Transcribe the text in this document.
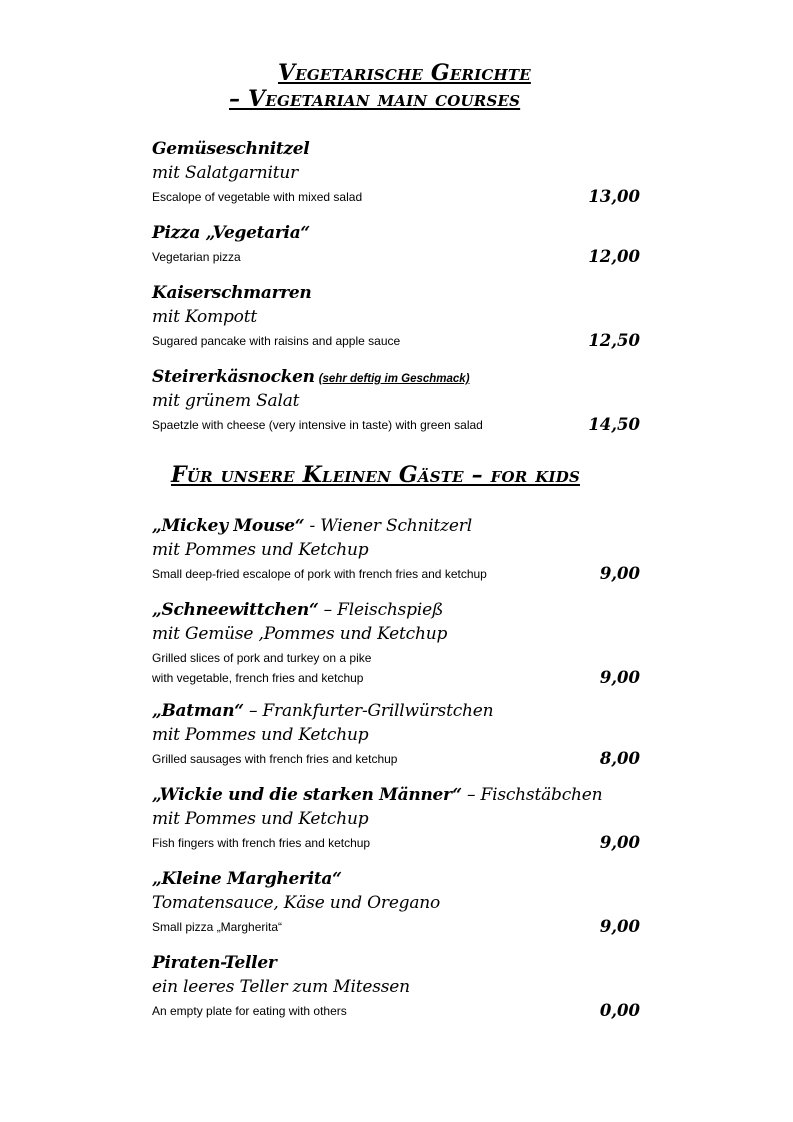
Vegetarische Gerichte
– Vegetarian main courses
Gemüseschnitzel
mit Salatgarnitur
Escalope of vegetable with mixed salad	13,00
Pizza „Vegetaria“
Vegetarian pizza	12,00
Kaiserschmarren
mit Kompott
Sugared pancake with raisins and apple sauce	12,50
Steirerkäsnocken (sehr deftig im Geschmack)
mit grünem Salat
Spaetzle with cheese (very intensive in taste) with green salad	14,50
Für unsere Kleinen Gäste – for kids
„Mickey Mouse“ - Wiener Schnitzerl
mit Pommes und Ketchup
Small deep-fried escalope of pork with french fries and ketchup	9,00
„Schneewittchen“ – Fleischspieß
mit Gemüse ,Pommes und Ketchup
Grilled slices of pork and turkey on a pike
with vegetable, french fries and ketchup	9,00
„Batman“ – Frankfurter-Grillwürstchen
mit Pommes und Ketchup
Grilled sausages with french fries and ketchup	8,00
„Wickie und die starken Männer“ – Fischstäbchen
mit Pommes und Ketchup
Fish fingers with french fries and ketchup	9,00
„Kleine Margherita“
Tomatensauce, Käse und Oregano
Small pizza „Margherita“	9,00
Piraten-Teller
ein leeres Teller zum Mitessen
An empty plate for eating with others	0,00
